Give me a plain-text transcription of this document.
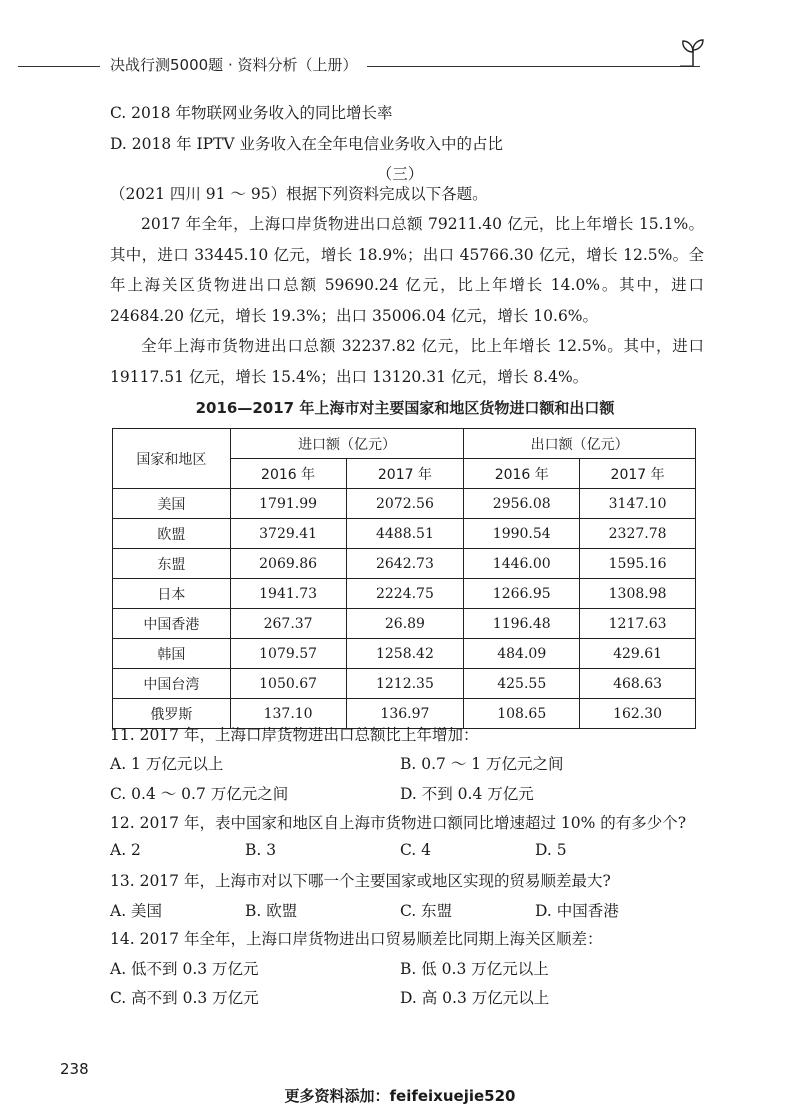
决战行测5000题 · 资料分析（上册）

C. 2018 年物联网业务收入的同比增长率

D. 2018 年 IPTV 业务收入在全年电信业务收入中的占比

（三）

（2021 四川 91 ～ 95）根据下列资料完成以下各题。

2017 年全年，上海口岸货物进出口总额 79211.40 亿元，比上年增长 15.1%。其中，进口 33445.10 亿元，增长 18.9%；出口 45766.30 亿元，增长 12.5%。全年上海关区货物进出口总额 59690.24 亿元，比上年增长 14.0%。其中，进口 24684.20 亿元，增长 19.3%；出口 35006.04 亿元，增长 10.6%。

全年上海市货物进出口总额 32237.82 亿元，比上年增长 12.5%。其中，进口 19117.51 亿元，增长 15.4%；出口 13120.31 亿元，增长 8.4%。

2016—2017 年上海市对主要国家和地区货物进口额和出口额
国家和地区	进口额（亿元）		出口额（亿元）	
	2016 年	2017 年	2016 年	2017 年
美国	1791.99	2072.56	2956.08	3147.10
欧盟	3729.41	4488.51	1990.54	2327.78
东盟	2069.86	2642.73	1446.00	1595.16
日本	1941.73	2224.75	1266.95	1308.98
中国香港	267.37	26.89	1196.48	1217.63
韩国	1079.57	1258.42	484.09	429.61
中国台湾	1050.67	1212.35	425.55	468.63
俄罗斯	137.10	136.97	108.65	162.30

11. 2017 年，上海口岸货物进出口总额比上年增加：

A. 1 万亿元以上	B. 0.7 ～ 1 万亿元之间
C. 0.4 ～ 0.7 万亿元之间	D. 不到 0.4 万亿元

12. 2017 年，表中国家和地区自上海市货物进口额同比增速超过 10% 的有多少个?

A. 2	B. 3	C. 4	D. 5

13. 2017 年，上海市对以下哪一个主要国家或地区实现的贸易顺差最大?

A. 美国	B. 欧盟	C. 东盟	D. 中国香港

14. 2017 年全年，上海口岸货物进出口贸易顺差比同期上海关区顺差：

A. 低不到 0.3 万亿元	B. 低 0.3 万亿元以上
C. 高不到 0.3 万亿元	D. 高 0.3 万亿元以上
238
更多资料添加：feifeixuejie520
